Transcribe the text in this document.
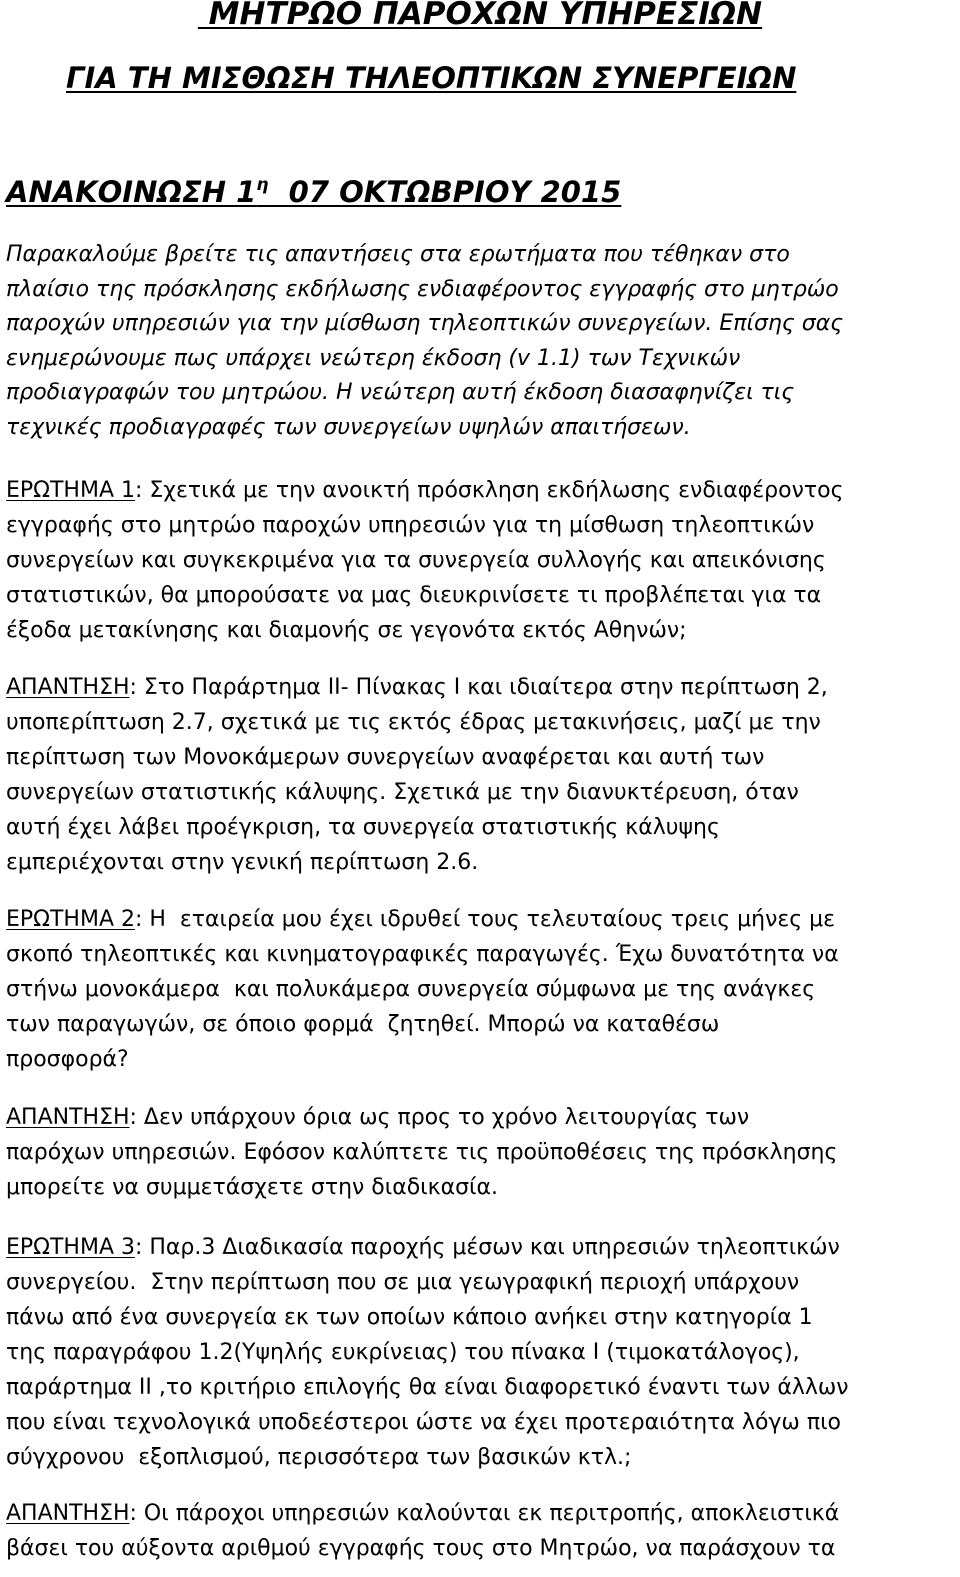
ΜΗΤΡΩΟ ΠΑΡΟΧΩΝ ΥΠΗΡΕΣΙΩΝ
ΓΙΑ ΤΗ ΜΙΣΘΩΣΗ ΤΗΛΕΟΠΤΙΚΩΝ ΣΥΝΕΡΓΕΙΩΝ
ΑΝΑΚΟΙΝΩΣΗ $1^\eta$  07 ΟΚΤΩΒΡΙΟΥ 2015
Παρακαλούμε βρείτε τις απαντήσεις στα ερωτήματα που τέθηκαν στο
πλαίσιο της πρόσκλησης εκδήλωσης ενδιαφέροντος εγγραφής στο μητρώο
παροχών υπηρεσιών για την μίσθωση τηλεοπτικών συνεργείων. Επίσης σας
ενημερώνουμε πως υπάρχει νεώτερη έκδοση (v 1.1) των Τεχνικών
προδιαγραφών του μητρώου. Η νεώτερη αυτή έκδοση διασαφηνίζει τις
τεχνικές προδιαγραφές των συνεργείων υψηλών απαιτήσεων.
ΕΡΩΤΗΜΑ 1: Σχετικά με την ανοικτή πρόσκληση εκδήλωσης ενδιαφέροντος
εγγραφής στο μητρώο παροχών υπηρεσιών για τη μίσθωση τηλεοπτικών
συνεργείων και συγκεκριμένα για τα συνεργεία συλλογής και απεικόνισης
στατιστικών, θα μπορούσατε να μας διευκρινίσετε τι προβλέπεται για τα
έξοδα μετακίνησης και διαμονής σε γεγονότα εκτός Αθηνών;
ΑΠΑΝΤΗΣΗ: Στο Παράρτημα ΙΙ- Πίνακας Ι και ιδιαίτερα στην περίπτωση 2,
υποπερίπτωση 2.7, σχετικά με τις εκτός έδρας μετακινήσεις, μαζί με την
περίπτωση των Μονοκάμερων συνεργείων αναφέρεται και αυτή των
συνεργείων στατιστικής κάλυψης. Σχετικά με την διανυκτέρευση, όταν
αυτή έχει λάβει προέγκριση, τα συνεργεία στατιστικής κάλυψης
εμπεριέχονται στην γενική περίπτωση 2.6.
ΕΡΩΤΗΜΑ 2: Η  εταιρεία μου έχει ιδρυθεί τους τελευταίους τρεις μήνες με
σκοπό τηλεοπτικές και κινηματογραφικές παραγωγές. Έχω δυνατότητα να
στήνω μονοκάμερα  και πολυκάμερα συνεργεία σύμφωνα με της ανάγκες
των παραγωγών, σε όποιο φορμά  ζητηθεί. Μπορώ να καταθέσω
προσφορά?
ΑΠΑΝΤΗΣΗ: Δεν υπάρχουν όρια ως προς το χρόνο λειτουργίας των
παρόχων υπηρεσιών. Εφόσον καλύπτετε τις προϋποθέσεις της πρόσκλησης
μπορείτε να συμμετάσχετε στην διαδικασία.
ΕΡΩΤΗΜΑ 3: Παρ.3 Διαδικασία παροχής μέσων και υπηρεσιών τηλεοπτικών
συνεργείου.  Στην περίπτωση που σε μια γεωγραφική περιοχή υπάρχουν
πάνω από ένα συνεργεία εκ των οποίων κάποιο ανήκει στην κατηγορία 1
της παραγράφου 1.2(Υψηλής ευκρίνειας) του πίνακα Ι (τιμοκατάλογος),
παράρτημα ΙΙ ,το κριτήριο επιλογής θα είναι διαφορετικό έναντι των άλλων
που είναι τεχνολογικά υποδεέστεροι ώστε να έχει προτεραιότητα λόγω πιο
σύγχρονου  εξοπλισμού, περισσότερα των βασικών κτλ.;
ΑΠΑΝΤΗΣΗ: Οι πάροχοι υπηρεσιών καλούνται εκ περιτροπής, αποκλειστικά
βάσει του αύξοντα αριθμού εγγραφής τους στο Μητρώο, να παράσχουν τα
